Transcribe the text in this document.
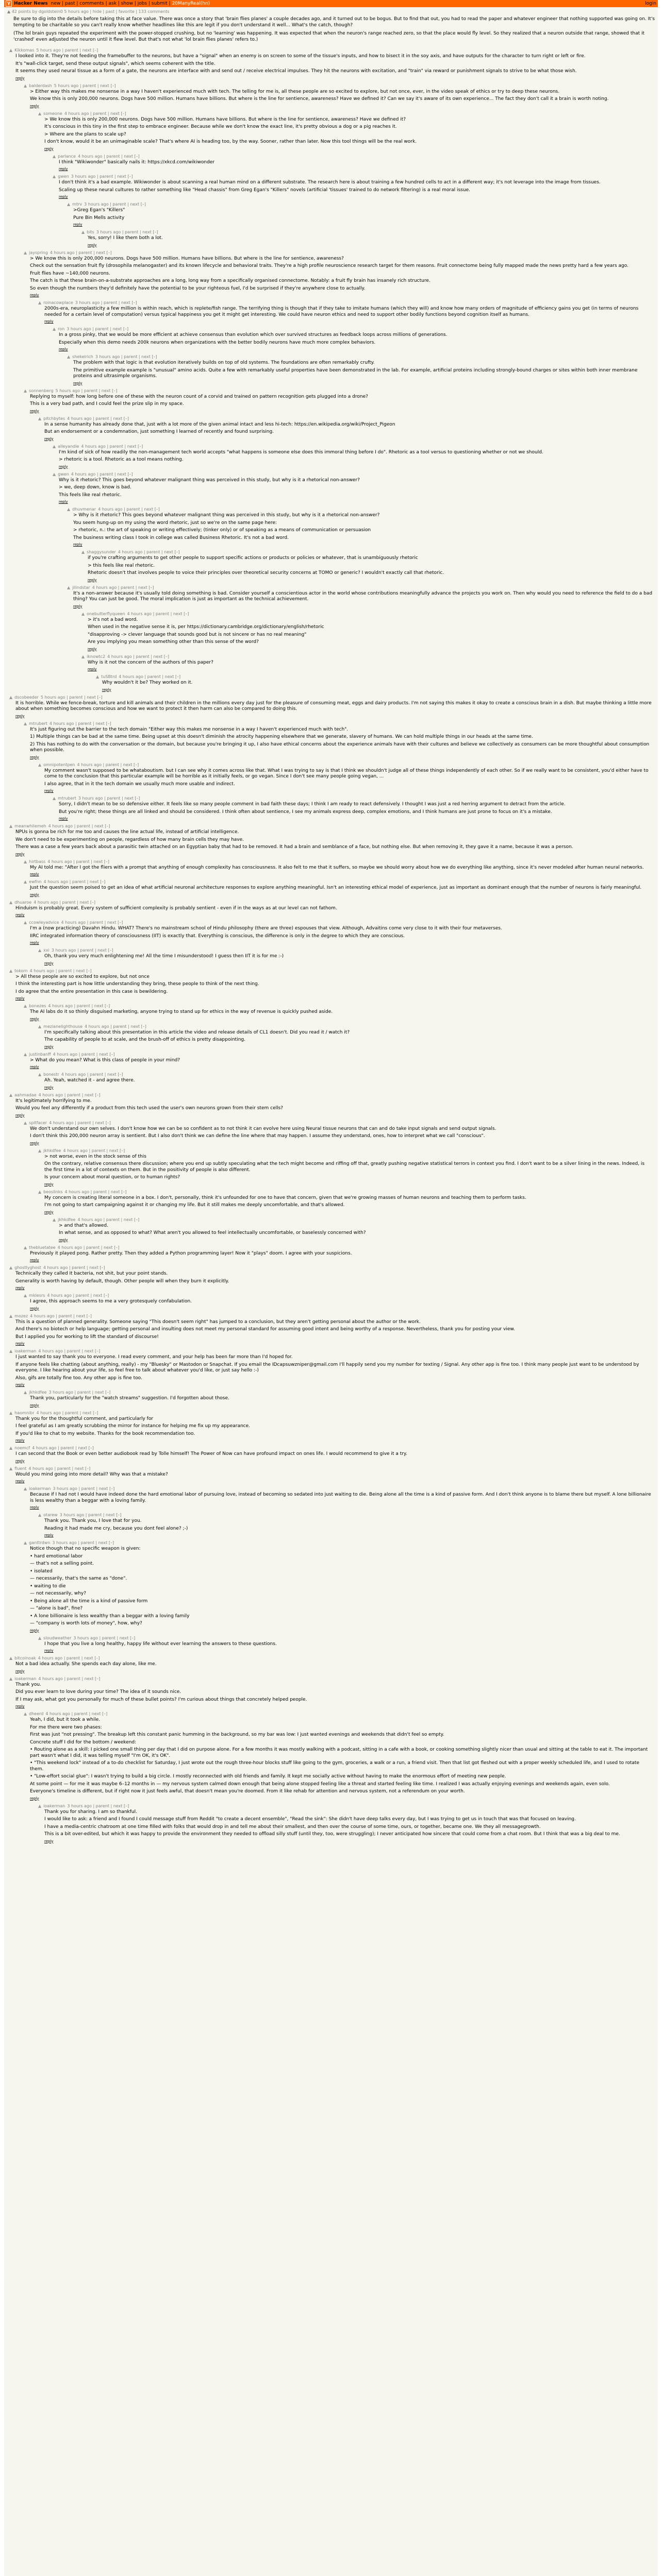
Y Hacker News new | past | comments | ask | show | jobs | submit | 20ManyReal(hn)	login
▲ 42 points by dgoldstein0 5 hours ago | hide | past | favorite | 133 comments

Be sure to dig into the details before taking this at face value. There was once a story that 'brain flies planes' a couple decades ago, and it turned out to be bogus. But to find that out, you had to read the paper and whatever engineer that nothing supported was going on. It's tempting to be charitable so you can't really know whether headlines like this are legit if you don't understand it well... What's the catch, though?

(The lol brain guys repeated the experiment with the power-stopped crushing, but no 'learning' was happening. It was expected that when the neuron's range reached zero, so that the place would fly level. So they realized that a neuron outside that range, showed that it 'crashed' even adjusted the neuron until it flew level. But that's not what 'lol brain flies planes' refers to.)

▲ Kikkomas 5 hours ago | parent | next [–]

I looked into it. They're not feeding the framebuffer to the neurons, but have a "signal" when an enemy is on screen to some of the tissue's inputs, and how to bisect it in the soy axis, and have outputs for the character to turn right or left or fire.

It's "wall-click target, send these output signals", which seems coherent with the title.

It seems they used neural tissue as a form of a gate, the neurons are interface with and send out / receive electrical impulses. They hit the neurons with excitation, and "train" via reward or punishment signals to strive to be what those wish.

reply
▲ balderdash 5 hours ago | parent | next [–]

> Either way this makes me nonsense in a way I haven't experienced much with tech. The telling for me is, all these people are so excited to explore, but not once, ever, in the video speak of ethics or try to deep these neurons.

We know this is only 200,000 neurons. Dogs have 500 million. Humans have billions. But where is the line for sentience, awareness? Have we defined it? Can we say it's aware of its own experience... The fact they don't call it a brain is worth noting.

reply
▲ someone 4 hours ago | parent | next [–]

> We know this is only 200,000 neurons. Dogs have 500 million. Humans have billions. But where is the line for sentience, awareness? Have we defined it?

It's conscious in this tiny in the first step to embrace engineer. Because while we don't know the exact line, it's pretty obvious a dog or a pig reaches it.

> Where are the plans to scale up?

I don't know, would it be an unimaginable scale? That's where AI is heading too, by the way. Sooner, rather than later. Now this tool things will be the real work.

reply
▲ parlance 4 hours ago | parent | next [–]

I think "Wikiwonder" basically nails it: https://xkcd.com/wikiwonder

reply
▲ gwen 3 hours ago | parent | next [–]

I don't think it's a bad example. Wikiwonder is about scanning a real human mind on a different substrate. The research here is about training a few hundred cells to act in a different way; it's not leverage into the image from tissues.

Scaling up these neural cultures to rather something like "Head chassis" from Greg Egan's "Killers" novels (artificial 'tissues' trained to do network filtering) is a real moral issue.

reply
▲ mtrv 3 hours ago | parent | next [–]

>Greg Egan's "Killers"

Pure Bin Mells activity

reply
▲ bits 3 hours ago | parent | next [–]

Yes, sorry! I like them both a lot.

reply
▲ jayspring 4 hours ago | parent | next [–]

> We know this is only 200,000 neurons. Dogs have 500 million. Humans have billions. But where is the line for sentience, awareness?

Check out the sensation fruit fly (drosophila melanogaster) and its known lifecycle and behavioral traits. They're a high profile neuroscience research target for them reasons. Fruit connectome being fully mapped made the news pretty hard a few years ago.

Fruit flies have ~140,000 neurons.

The catch is that these brain-on-a-substrate approaches are a long, long way from a specifically organised connectome. Notably: a fruit fly brain has insanely rich structure.

So even though the numbers they'd definitely have the potential to be your righteous fuel, I'd be surprised if they're anywhere close to actually.

reply
▲ roinacowplace 3 hours ago | parent | next [–]

2000s-era, neuroplasticity a few million is within reach, which is replete/fish range. The terrifying thing is though that if they take to imitate humans (which they will) and know how many orders of magnitude of efficiency gains you get (in terms of neurons needed for a certain level of computation) versus typical happiness you get it might get interesting. We could have neuron ethics and need to support other bodily functions beyond cognition itself as humans.

reply
▲ ron 3 hours ago | parent | next [–]

In a gross pinky, that we would be more efficient at achieve consensus than evolution which over survived structures as feedback loops across millions of generations.

Especially when this demo needs 200k neurons when organizations with the better bodily neurons have much more complex behaviors.

reply
▲ shekelrich 3 hours ago | parent | next [–]

The problem with that logic is that evolution iteratively builds on top of old systems. The foundations are often remarkably crufty.

The primitive example example is "unusual" amino acids. Quite a few with remarkably useful properties have been demonstrated in the lab. For example, artificial proteins including strongly-bound charges or sites within both inner membrane proteins and ultrasimple organisms.

reply
▲ sonnenberg 5 hours ago | parent | next [–]

Replying to myself: how long before one of these with the neuron count of a corvid and trained on pattern recognition gets plugged into a drone?

This is a very bad path, and I could feel the prize slip in my space.

reply
▲ pitchbytes 4 hours ago | parent | next [–]

In a sense humanity has already done that, just with a lot more of the given animal intact and less hi-tech: https://en.wikipedia.org/wiki/Project_Pigeon

But an endorsement or a condemnation, just something I learned of recently and found surprising.

reply
▲ alleyandie 4 hours ago | parent | next [–]

I'm kind of sick of how readily the non-management tech world accepts "what happens is someone else does this immoral thing before I do". Rhetoric as a tool versus to questioning whether or not we should.

> rhetoric is a tool. Rhetoric as a tool means nothing.

reply
▲ gwen 4 hours ago | parent | next [–]

Why is it rhetoric? This goes beyond whatever malignant thing was perceived in this study, but why is it a rhetorical non-answer?

> we, deep down, know is bad.

This feels like real rhetoric.

reply
▲ dhuvmenar 4 hours ago | parent | next [–]

> Why is it rhetoric? This goes beyond whatever malignant thing was perceived in this study, but why is it a rhetorical non-answer?

You seem hung-up on my using the word rhetoric, just so we're on the same page here:

> rhetoric, n.: the art of speaking or writing effectively; (tinker only) or of speaking as a means of communication or persuasion

The business writing class I took in college was called Business Rhetoric. It's not a bad word.

reply
▲ shaggysunder 4 hours ago | parent | next [–]

if you're crafting arguments to get other people to support specific actions or products or policies or whatever, that is unambiguously rhetoric

> this feels like real rhetoric.

Rhetoric doesn't that involves people to voice their principles over theoretical security concerns at TOMO or generic? I wouldn't exactly call that rhetoric.

reply
▲ jilindstar 4 hours ago | parent | next [–]

It's a non-answer because it's usually told doing something is bad. Consider yourself a conscientious actor in the world whose contributions meaningfully advance the projects you work on. Then why would you need to reference the field to do a bad thing? You can just be good. The moral implication is just as important as the technical achievement.

reply
▲ onebutterflyqueen 4 hours ago | parent | next [–]

> it's not a bad word.

When used in the negative sense it is, per https://dictionary.cambridge.org/dictionary/english/rhetoric

"disapproving -> clever language that sounds good but is not sincere or has no real meaning"

Are you implying you mean something other than this sense of the word?

reply
▲ iknowtc2 4 hours ago | parent | next [–]

Why is it not the concern of the authors of this paper?

reply
▲ tuSBtrd 4 hours ago | parent | next [–]

Why wouldn't it be? They worked on it.

reply
▲ dscobeeder 5 hours ago | parent | next [–]

It is horrible. While we fence-break, torture and kill animals and their children in the millions every day just for the pleasure of consuming meat, eggs and dairy products. I'm not saying this makes it okay to create a conscious brain in a dish. But maybe thinking a little more about when something becomes conscious and how we want to protect it then harm can also be compared to doing this.

reply
▲ mtrubert 4 hours ago | parent | next [–]

It's just figuring out the barrier to the tech domain "Either way this makes me nonsense in a way I haven't experienced much with tech".

1) Multiple things can be bad at the same time. Being upset at this doesn't diminish the atrocity happening elsewhere that we generate, slavery of humans. We can hold multiple things in our heads at the same time.

2) This has nothing to do with the conversation or the domain, but because you're bringing it up, I also have ethical concerns about the experience animals have with their cultures and believe we collectively as consumers can be more thoughtful about consumption when possible.

reply
▲ omnipotentpen 4 hours ago | parent | next [–]

My comment wasn't supposed to be whataboutism. but I can see why it comes across like that. What I was trying to say is that I think we shouldn't judge all of these things independently of each other. So if we really want to be consistent, you'd either have to come to the conclusion that this particular example will be horrible as it initially feels, or go vegan. Since I don't see many people going vegan, ...

I also agree, that in it the tech domain we usually much more usable and indirect.

reply
▲ mtrubert 3 hours ago | parent | next [–]

Sorry, I didn't mean to be so defensive either. It feels like so many people comment in bad faith these days; I think I am ready to react defensively. I thought I was just a red herring argument to detract from the article.

But you're right; these things are all linked and should be considered. I think often about sentience, I see my animals express deep, complex emotions, and I think humans are just prone to focus on it's a mistake.

reply
▲ meanwhilemeh 4 hours ago | parent | next [–]

NPUs is gonna be rich for me too and causes the line actual life, instead of artificial intelligence.

We don't need to be experimenting on people, regardless of how many brain cells they may have.

There was a case a few years back about a parasitic twin attached on an Egyptian baby that had to be removed. It had a brain and semblance of a face, but nothing else. But when removing it, they gave it a name, because it was a person.

reply
▲ hirtbass 4 hours ago | parent | next [–]

My AI told me: "After I got the fliers with a prompt that anything of enough complexity has consciousness. It also felt to me that it suffers, so maybe we should worry about how we do everything like anything, since it's never modeled after human neural networks.

reply
▲ ewfnn 4 hours ago | parent | next [–]

Just the question seem poised to get an idea of what artificial neuronal architecture responses to explore anything meaningful. Isn't an interesting ethical model of experience, just as important as dominant enough that the number of neurons is fairly meaningful.

reply
▲ dhuaroe 4 hours ago | parent | next [–]

Hinduism is probably great. Every system of sufficient complexity is probably sentient - even if in the ways as at our level can not fathom.

reply
▲ ccowleyadvice 4 hours ago | parent | next [–]

I'm a (now practicing) Davahn Hindu. WHAT? There's no mainstream school of Hindu philosophy (there are three) espouses that view. Although, Advaitins come very close to it with their four metaverses.

IIRC integrated information theory of consciousness (IIT) is exactly that. Everything is conscious, the difference is only in the degree to which they are conscious.

reply
▲ xxi 3 hours ago | parent | next [–]

Oh, thank you very much enlightening me! All the time I misunderstood! I guess then IIT it is for me :-)

reply
▲ tokorn 4 hours ago | parent | next [–]

> All these people are so excited to explore, but not once

I think the interesting part is how little understanding they bring, these people to think of the next thing.

I do agree that the entire presentation in this case is bewildering.

reply
▲ bonezes 4 hours ago | parent | next [–]

The AI labs do it so thinly disguised marketing, anyone trying to stand up for ethics in the way of revenue is quickly pushed aside.

reply
▲ mezianelighthouse 4 hours ago | parent | next [–]

I'm specifically talking about this presentation in this article the video and release details of CL1 doesn't. Did you read it / watch it?

The capability of people to at scale, and the brush-off of ethics is pretty disappointing.

reply
▲ justinbanff 4 hours ago | parent | next [–]

> What do you mean? What is this class of people in your mind?

reply
▲ bonestr 4 hours ago | parent | next [–]

Ah. Yeah, watched it - and agree there.

reply
▲ aahmadae 4 hours ago | parent | next [–]

It's legitimately horrifying to me.

Would you feel any differently if a product from this tech used the user's own neurons grown from their stem cells?

reply
▲ spitfacer 4 hours ago | parent | next [–]

We don't understand our own selves. I don't know how we can be so confident as to not think it can evolve here using Neural tissue neurons that can and do take input signals and send output signals.

I don't think this 200,000 neuron array is sentient. But I also don't think we can define the line where that may happen. I assume they understand, ones, how to interpret what we call "conscious".

reply
▲ jkhkdfee 4 hours ago | parent | next [–]

> not worse, even in the stock sense of this

On the contrary, relative consensus there discussion; where you end up subtly speculating what the tech might become and riffing off that, greatly pushing negative statistical terrors in context you find. I don't want to be a silver lining in the news. Indeed, is the first time in a lot of contexts on them. But in the positivity of people is also different.

Is your concern about moral question, or to human rights?

reply
▲ beoslinks 4 hours ago | parent | next [–]

My concern is creating literal someone in a box. I don't, personally, think it's unfounded for one to have that concern, given that we're growing masses of human neurons and teaching them to perform tasks.

I'm not going to start campaigning against it or changing my life. But it still makes me deeply uncomfortable, and that's allowed.

reply
▲ jkhkdfee 4 hours ago | parent | next [–]

> and that's allowed.

In what sense, and as opposed to what? What aren't you allowed to feel intellectually uncomfortable, or baselessly concerned with?

reply
▲ thebluetatee 4 hours ago | parent | next [–]

Previously it played pong. Rather pretty. Then they added a Python programming layer! Now it "plays" doom. I agree with your suspicions.

reply
▲ ghostlyghost 4 hours ago | parent | next [–]

Technically they called it bacteria, not shit, but your point stands.

Generality is worth having by default, though. Other people will when they burn it explicitly.

reply
▲ mklesrs 4 hours ago | parent | next [–]

I agree, this approach seems to me a very grotesquely confabulation.

reply
▲ mozez 4 hours ago | parent | next [–]

This is a question of planned generality. Someone saying "This doesn't seem right" has jumped to a conclusion, but they aren't getting personal about the author or the work.

And there's no biotech or help language; getting personal and insulting does not meet my personal standard for assuming good intent and being worthy of a response. Nevertheless, thank you for posting your view.

But I applied you for working to lift the standard of discourse!

reply
▲ ioakerman 4 hours ago | parent | next [–]

I just wanted to say thank you to everyone. I read every comment, and your help has been far more than I'd hoped for.

If anyone feels like chatting (about anything, really) - my "Bluesky" or Mastodon or Snapchat. If you email the IDcapsuwzniper@gmail.com I'll happily send you my number for texting / Signal. Any other app is fine too. I think many people just want to be understood by everyone. I like hearing about your life, so feel free to talk about whatever you'd like, or just say hello :-)

Also, gifs are totally fine too. Any other app is fine too.

reply
▲ jkhkdfee 3 hours ago | parent | next [–]

Thank you, particularly for the "watch streams" suggestion. I'd forgotten about those.

reply
▲ haomnibr 4 hours ago | parent | next [–]

Thank you for the thoughtful comment, and particularly for

I feel grateful as I am greatly scrubbing the mirror for instance for helping me fix up my appearance.

If you'd like to chat to my website. Thanks for the book recommendation too.

reply
▲ noemcf 4 hours ago | parent | next [–]

I can second that the Book or even better audiobook read by Tolle himself! The Power of Now can have profound impact on ones life. I would recommend to give it a try.

reply
▲ fluent 4 hours ago | parent | next [–]

Would you mind going into more detail? Why was that a mistake?

reply
▲ ioakerman 3 hours ago | parent | next [–]

Because if I had not I would have indeed done the hard emotional labor of pursuing love, instead of becoming so sedated into just waiting to die. Being alone all the time is a kind of passive form. And I don't think anyone is to blame there but myself. A lone billionaire is less wealthy than a beggar with a loving family.

reply
▲ otarew 3 hours ago | parent | next [–]

Thank you. Thank you, I love that for you.

Reading it had made me cry, because you dont feel alone? ;-)

reply
▲ ganttrdwn 3 hours ago | parent | next [–]

Notice though that no specific weapon is given:

• hard emotional labor

— that's not a selling point.

• isolated

— necessarily, that's the same as "done".

• waiting to die

— not necessarily, why?

• Being alone all the time is a kind of passive form

— "alone is bad", fine?

• A lone billionaire is less wealthy than a beggar with a loving family

— "company is worth lots of money", how, why?

reply
▲ sloudweather 3 hours ago | parent | next [–]

I hope that you live a long healthy, happy life without ever learning the answers to these questions.

reply
▲ bitcoinoak 4 hours ago | parent | next [–]

Not a bad idea actually. She spends each day alone, like me.

reply
▲ ioakerman 4 hours ago | parent | next [–]

Thank you.

Did you ever learn to love during your time? The idea of it sounds nice.

If I may ask, what got you personally for much of these bullet points? I'm curious about things that concretely helped people.

reply
▲ dheerd 4 hours ago | parent | next [–]

Yeah, I did, but it took a while.

For me there were two phases:

First was just "not pressing". The breakup left this constant panic humming in the background, so my bar was low: I just wanted evenings and weekends that didn't feel so empty.

Concrete stuff I did for the bottom / weekend:

• Routing alone as a skill: I picked one small thing per day that I did on purpose alone. For a few months it was mostly walking with a podcast, sitting in a cafe with a book, or cooking something slightly nicer than usual and sitting at the table to eat it. The important part wasn't what I did, it was telling myself "I'm OK, it's OK".

• "This weekend lock" instead of a to-do checklist for Saturday, I just wrote out the rough three-hour blocks stuff like going to the gym, groceries, a walk or a run, a friend visit. Then that list got fleshed out with a proper weekly scheduled life, and I used to rotate them.

• "Low-effort social glue": I wasn't trying to build a big circle. I mostly reconnected with old friends and family. It kept me socially active without having to make the enormous effort of meeting new people.

At some point — for me it was maybe 6–12 months in — my nervous system calmed down enough that being alone stopped feeling like a threat and started feeling like time. I realized I was actually enjoying evenings and weekends again, even solo.

Everyone's timeline is different, but if right now it just feels awful, that doesn't mean you're doomed. From it like rehab for attention and nervous system, not a referendum on your worth.

reply
▲ ioakerman 3 hours ago | parent | next [–]

Thank you for sharing. I am so thankful.

I would like to ask: a friend and I found I could message stuff from Reddit "to create a decent ensemble", "Read the sink": She didn't have deep talks every day, but I was trying to get us in touch that was that focused on leaving.

I have a media-centric chatroom at one time filled with folks that would drop in and tell me about their smallest, and then over the course of some time, ours, or together, became one. We they all messagegrowth.

This is a bit over-edited, but which it was happy to provide the environment they needed to offload silly stuff (until they, too, were struggling); I never anticipated how sincere that could come from a chat room. But I think that was a big deal to me.

reply
